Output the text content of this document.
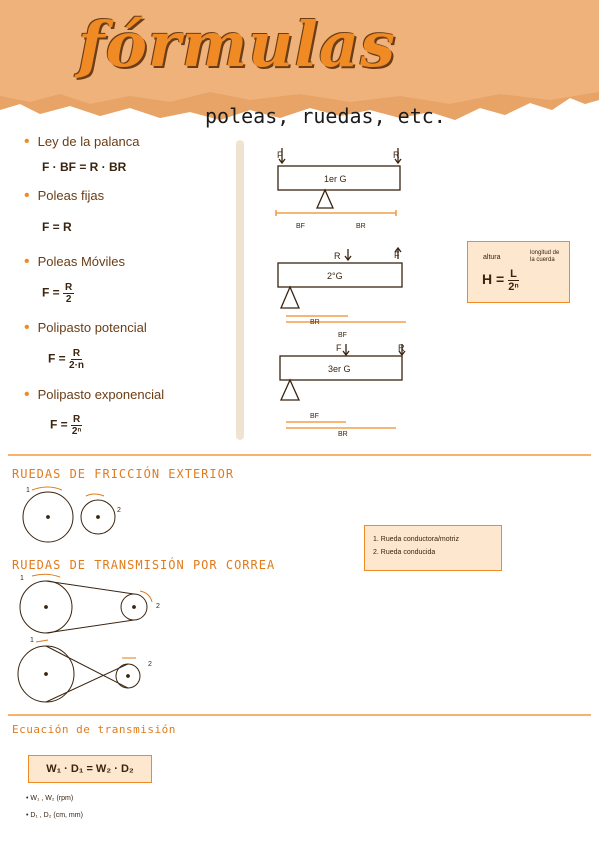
fórmulas
poleas, ruedas, etc.
• Ley de la palanca
F · BF = R · BR
• Poleas fijas
F = R
• Poleas Móviles
$F = \frac{R}{2}$
• Polipasto potencial
$F = \frac{R}{2\cdot n}$
• Polipasto exponencial
$F = \frac{R}{\text{2ⁿ}}$
F	R
1er G
BF	BR
R	F
2°G
BR
BF
F	R
3er G
BF
BR
altura
longitud de la cuerda
$H = \frac{L}{\text{2ⁿ}}$
RUEDAS DE FRICCIÓN EXTERIOR
1
2
1. Rueda conductora/motriz
2. Rueda conducida
RUEDAS DE TRANSMISIÓN POR CORREA
1
2
1
2
Ecuación de transmisión
W₁ · D₁ = W₂ · D₂
• W₁ , W₂ (rpm)
• D₁ , D₂ (cm, mm)
